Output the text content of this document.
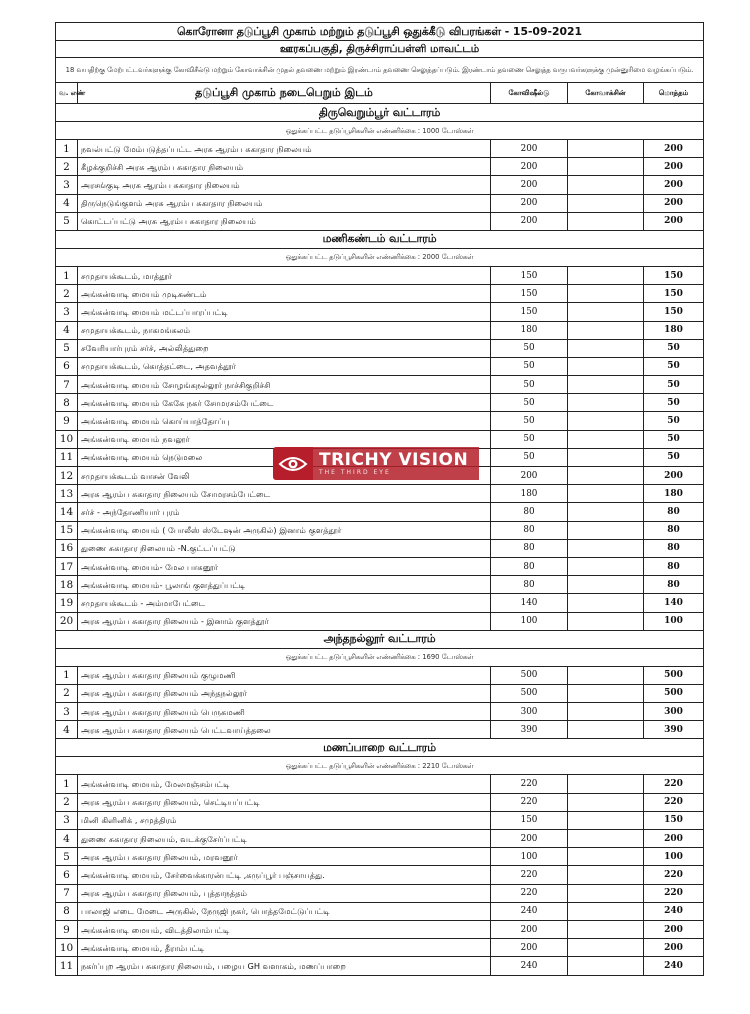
கொரோனா தடுப்பூசி முகாம் மற்றும் தடுப்பூசி ஒதுக்கீடு விபரங்கள் - 15-09-2021				
ஊரகப்பகுதி, திருச்சிராப்பள்ளி மாவட்டம்				
18 வயதிற்கு மேற்பட்டவர்களுக்கு கோவிசீல்டு மற்றும் கோவாக்சின் முதல் தவணை மற்றும் இரண்டாம் தவணை செலுத்தப்படும். இரண்டாம் தவணை செலுத்த வருபவர்களுக்கு முன்னுரிமை வழங்கப்படும்.				
வ. எண்	தடுப்பூசி முகாம் நடைபெறும் இடம்	கோவிஷீல்டு	கோவாக்சின்	மொத்தம்
திருவெறும்பூர் வட்டாரம்				
ஒதுக்கப்பட்ட தடுப்பூசிகளின் எண்ணிக்கை : 1000 டோஸ்கள்				
1	நவல்பட்டு மேம்படுத்தப்பட்ட அரசு ஆரம்ப சுகாதார நிலையம்	200		200
2	கீழக்குறிச்சி அரசு ஆரம்ப சுகாதார நிலையம்	200		200
3	அரசங்குடி அரசு ஆரம்ப சுகாதார நிலையம்	200		200
4	திருநெடுங்குளம் அரசு ஆரம்ப சுகாதார நிலையம்	200		200
5	கொட்டப்பட்டு அரசு ஆரம்ப சுகாதார நிலையம்	200		200
மணிகண்டம் வட்டாரம்				
ஒதுக்கப்பட்ட தடுப்பூசிகளின் எண்ணிக்கை : 2000 டோஸ்கள்				
1	சமுதாயக்கூடம், மாத்தூர்	150		150
2	அங்கன்வாடி மையம் முடிகண்டம்	150		150
3	அங்கன்வாடி மையம் மட்டப்பாரப்பட்டி	150		150
4	சமுதாயக்கூடம், நாகமங்கலம்	180		180
5	சவேரியார்புரம் சர்ச், அல்லித்துறை	50		50
6	சமுதாயக்கூடம், கொத்தட்டை, அதவத்தூர்	50		50
7	அங்கன்வாடி மையம் சோழங்கநல்லூர் நாச்சிகுறிச்சி	50		50
8	அங்கன்வாடி மையம் கேகே நகர் சோமரசம்பேட்டை	50		50
9	அங்கன்வாடி மையம் கொய்யாத்தோப்பு	50		50
10	அங்கன்வாடி மையம் நவலூர்	50		50
11	அங்கன்வாடி மையம் நெடுமலை	50		50
12	சமுதாயக்கூடம் வாசன் வேலி	200		200
13	அரசு ஆரம்ப சுகாதார நிலையம் சோமரசம்பேட்டை	180		180
14	சர்ச் - அந்தோணியார் புரம்	80		80
15	அங்கன்வாடி மையம் ( போலீஸ் ஸ்டேஷன் அருகில்) இனாம் குளத்தூர்	80		80
16	துணை சுகாதார நிலையம் -N.குட்டப்பட்டு	80		80
17	அங்கன்வாடி மையம்- மேல பாகனூர்	80		80
18	அங்கன்வாடி மையம்- பூலாங் குளத்துப்பட்டி	80		80
19	சமுதாயக்கூடம் - அம்மாபேட்டை	140		140
20	அரசு ஆரம்ப சுகாதார நிலையம் - இனாம் குளத்தூர்	100		100
அந்தநல்லூர் வட்டாரம்				
ஒதுக்கப்பட்ட தடுப்பூசிகளின் எண்ணிக்கை : 1690 டோஸ்கள்				
1	அரசு ஆரம்ப சுகாதார நிலையம் குழுமணி	500		500
2	அரசு ஆரம்ப சுகாதார நிலையம் அந்தநல்லூர்	500		500
3	அரசு ஆரம்ப சுகாதார நிலையம் பெருகமணி	300		300
4	அரசு ஆரம்ப சுகாதார நிலையம் பெட்டவாய்த்தலை	390		390
மணப்பாறை வட்டாரம்				
ஒதுக்கப்பட்ட தடுப்பூசிகளின் எண்ணிக்கை : 2210 டோஸ்கள்				
1	அங்கன்வாடி மையம், மேலமஞ்சம்பட்டி	220		220
2	அரசு ஆரம்ப சுகாதார நிலையம், செட்டியப்பட்டி	220		220
3	மினி கிளினிக் , சமுத்திரம்	150		150
4	துணை சுகாதார நிலையம், வடக்குசேர்ப்பட்டி	200		200
5	அரசு ஆரம்ப சுகாதார நிலையம், மரவனூர்	100		100
6	அங்கன்வாடி மையம், சேர்வைக்காரன்பட்டி ,கருப்பூர் பஞ்சாயத்து.	220		220
7	அரசு ஆரம்ப சுகாதார நிலையம், புத்தாநத்தம்	220		220
8	பாலாஜி எடை மேடை அருகில், நேருஜி நகர், பொத்தமேட்டுப்பட்டி	240		240
9	அங்கன்வாடி மையம், விடத்திலாம்பட்டி	200		200
10	அங்கன்வாடி மையம், தீராம்பட்டி	200		200
11	நகர்ப்புற ஆரம்ப சுகாதார நிலையம், பழைய GH வளாகம், மணப்பாறை	240		240
TRICHY VISION
THE THIRD EYE
